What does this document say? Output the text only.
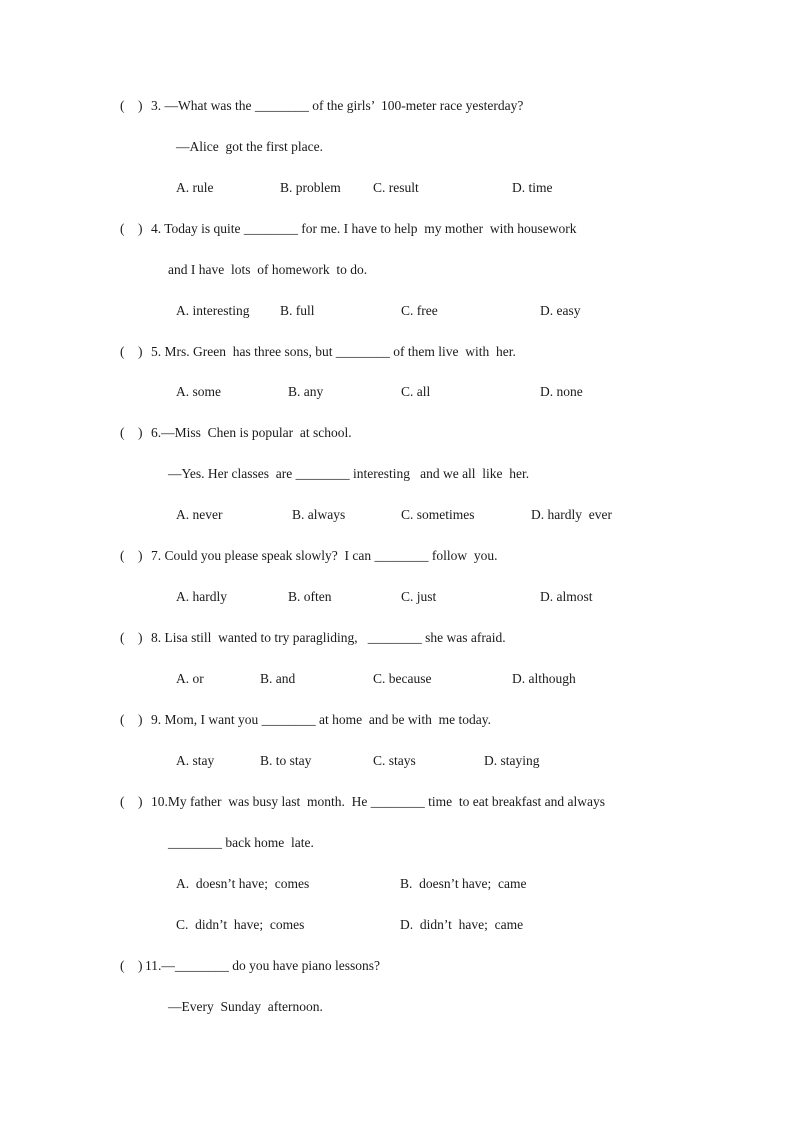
(    ) 3. —What was the ________ of the girls’  100-meter race yesterday?
—Alice  got the first place.
A. rule	B. problem C. result	D. time
(    ) 4. Today is quite ________ for me. I have to help  my mother  with housework
and I have  lots  of homework  to do.
A. interesting B. full	C. free	D. easy
(    ) 5. Mrs. Green  has three sons, but ________ of them live  with  her.
A. some	B. any	C. all	D. none
(    ) 6.—Miss  Chen is popular  at school.
—Yes. Her classes  are ________ interesting   and we all  like  her.
A. never	B. always	C. sometimes	D. hardly  ever
(    ) 7. Could you please speak slowly?  I can ________ follow  you.
A. hardly	B. often	C. just	D. almost
(    ) 8. Lisa still  wanted to try paragliding,   ________ she was afraid.
A. or	B. and	C. because	D. although
(    ) 9. Mom, I want you ________ at home  and be with  me today.
A. stay	B. to stay	C. stays	D. staying
(    ) 10.My father  was busy last  month.  He ________ time  to eat breakfast and always
________ back home  late.
A.  doesn’t have;  comes	B.  doesn’t have;  came
C.  didn’t  have;  comes	D.  didn’t  have;  came
(    ) 11.—________ do you have piano lessons?
—Every  Sunday  afternoon.
